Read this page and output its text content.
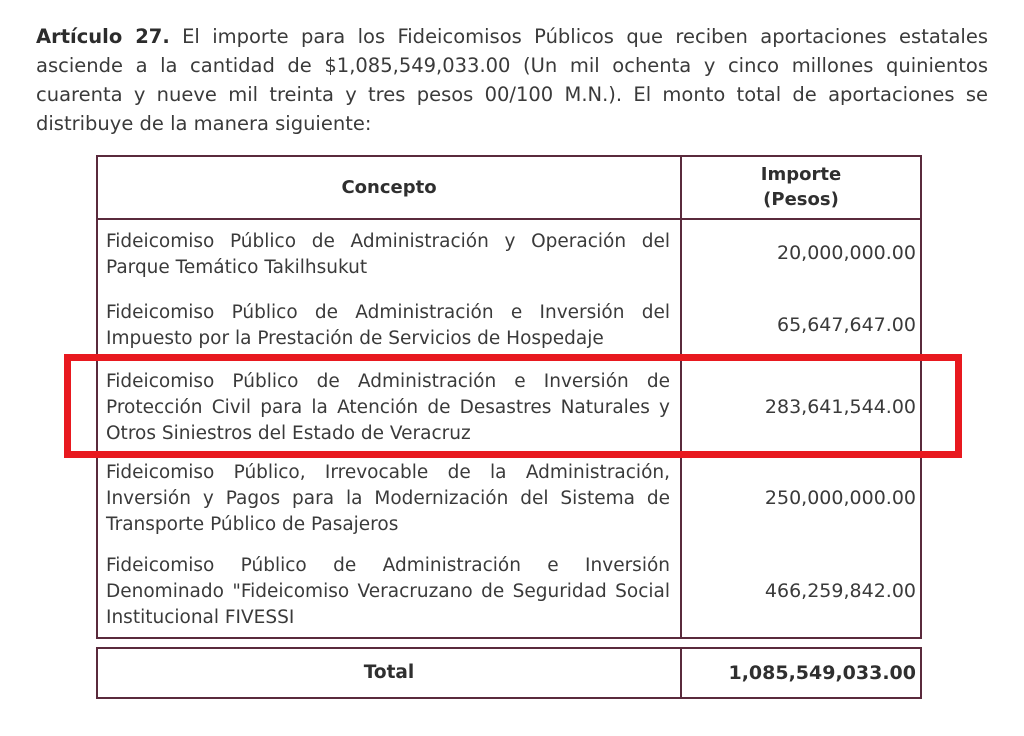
Artículo 27. El importe para los Fideicomisos Públicos que reciben aportaciones estatales asciende a la cantidad de $1,085,549,033.00 (Un mil ochenta y cinco millones quinientos cuarenta y nueve mil treinta y tres pesos 00/100 M.N.). El monto total de aportaciones se distribuye de la manera siguiente:
Concepto
Importe
(Pesos)
Fideicomiso Público de Administración y Operación del Parque Temático Takilhsukut
20,000,000.00
Fideicomiso Público de Administración e Inversión del Impuesto por la Prestación de Servicios de Hospedaje
65,647,647.00
Fideicomiso Público de Administración e Inversión de Protección Civil para la Atención de Desastres Naturales y Otros Siniestros del Estado de Veracruz
283,641,544.00
Fideicomiso Público, Irrevocable de la Administración, Inversión y Pagos para la Modernización del Sistema de Transporte Público de Pasajeros
250,000,000.00
Fideicomiso Público de Administración e Inversión Denominado "Fideicomiso Veracruzano de Seguridad Social Institucional FIVESSI
466,259,842.00
Total	1,085,549,033.00
